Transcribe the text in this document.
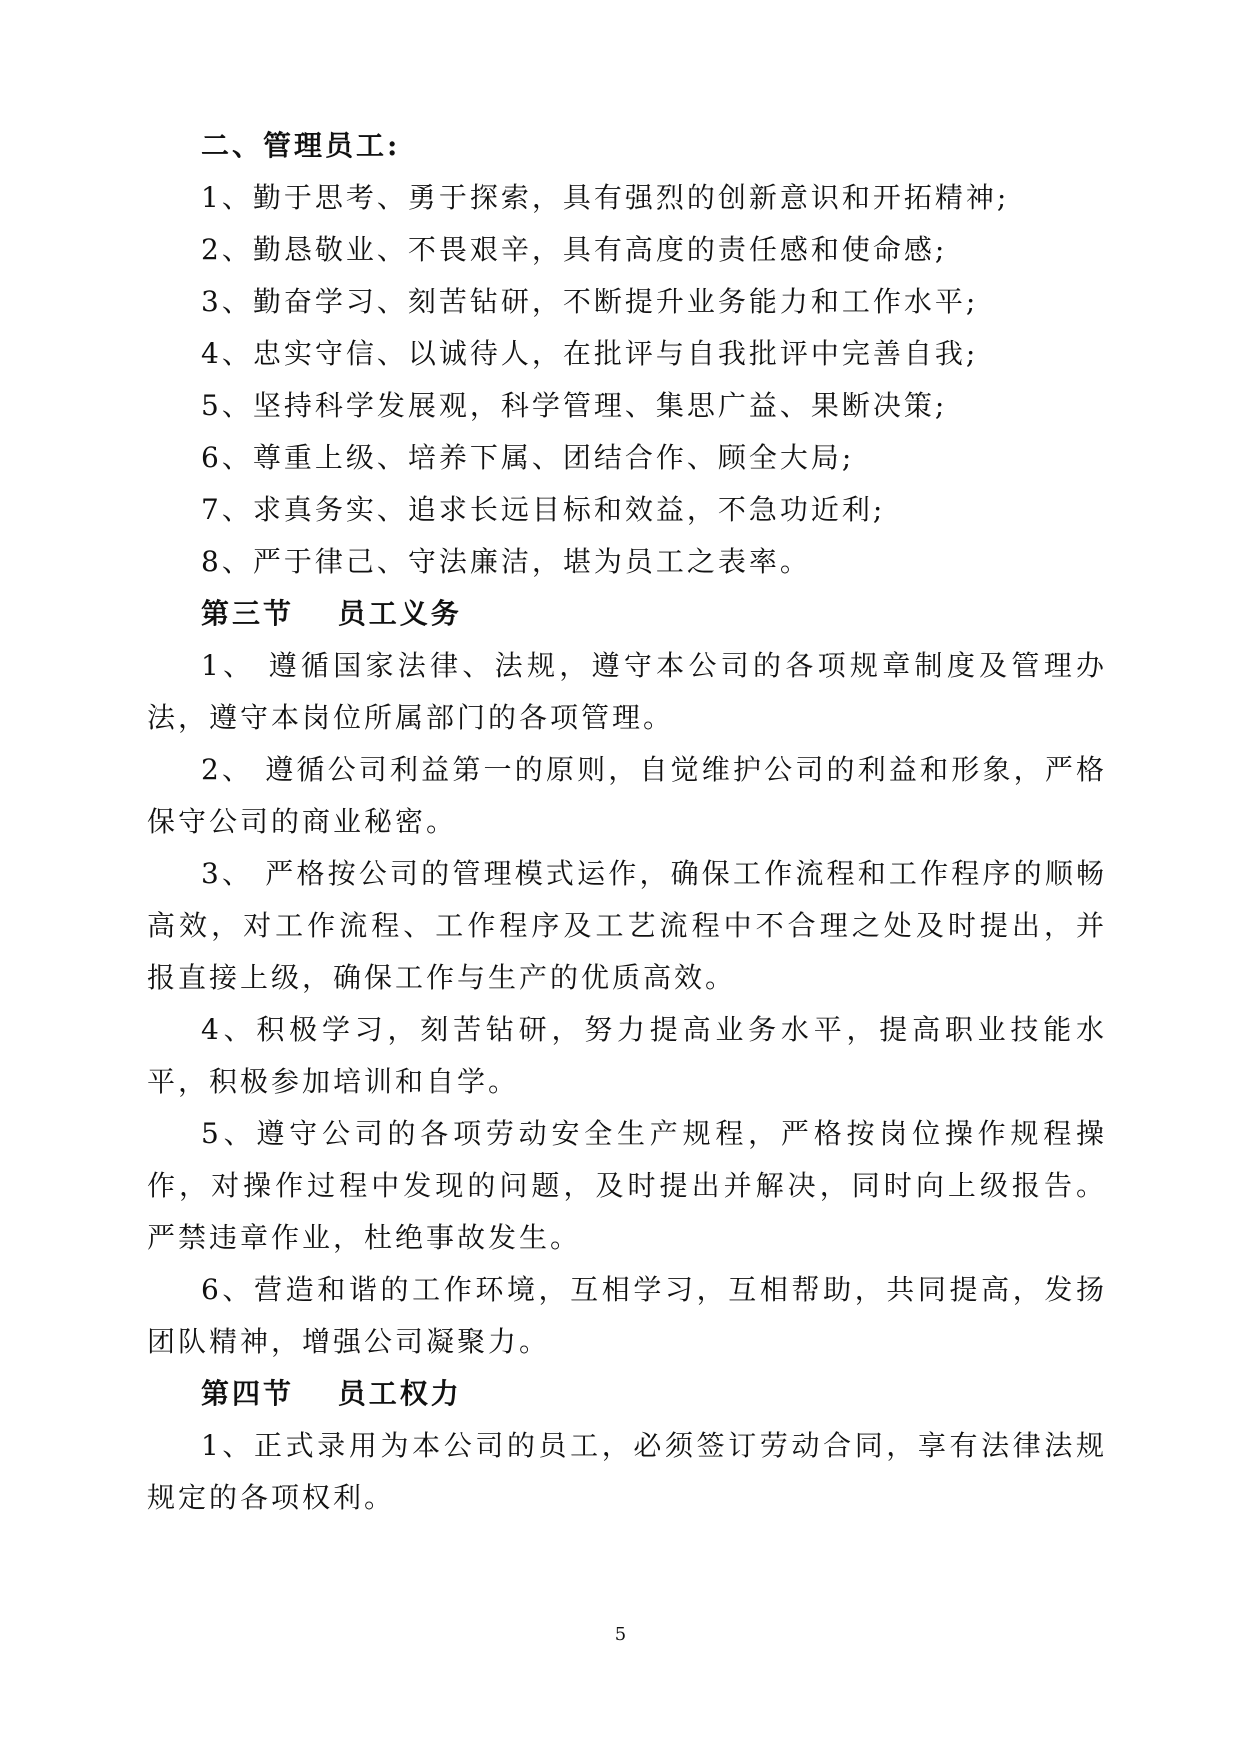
二、管理员工:
1、勤于思考、勇于探索，具有强烈的创新意识和开拓精神;
2、勤恳敬业、不畏艰辛，具有高度的责任感和使命感;
3、勤奋学习、刻苦钻研，不断提升业务能力和工作水平;
4、忠实守信、以诚待人，在批评与自我批评中完善自我;
5、坚持科学发展观，科学管理、集思广益、果断决策;
6、尊重上级、培养下属、团结合作、顾全大局;
7、求真务实、追求长远目标和效益，不急功近利;
8、严于律己、守法廉洁，堪为员工之表率。
第三节　 员工义务
1、 遵循国家法律、法规，遵守本公司的各项规章制度及管理办法，遵守本岗位所属部门的各项管理。
2、 遵循公司利益第一的原则，自觉维护公司的利益和形象，严格保守公司的商业秘密。
3、 严格按公司的管理模式运作，确保工作流程和工作程序的顺畅高效，对工作流程、工作程序及工艺流程中不合理之处及时提出，并报直接上级，确保工作与生产的优质高效。
4、积极学习，刻苦钻研，努力提高业务水平，提高职业技能水平，积极参加培训和自学。
5、遵守公司的各项劳动安全生产规程，严格按岗位操作规程操作，对操作过程中发现的问题，及时提出并解决，同时向上级报告。严禁违章作业，杜绝事故发生。
6、营造和谐的工作环境，互相学习，互相帮助，共同提高，发扬团队精神，增强公司凝聚力。
第四节　 员工权力
1、正式录用为本公司的员工，必须签订劳动合同，享有法律法规规定的各项权利。
5
